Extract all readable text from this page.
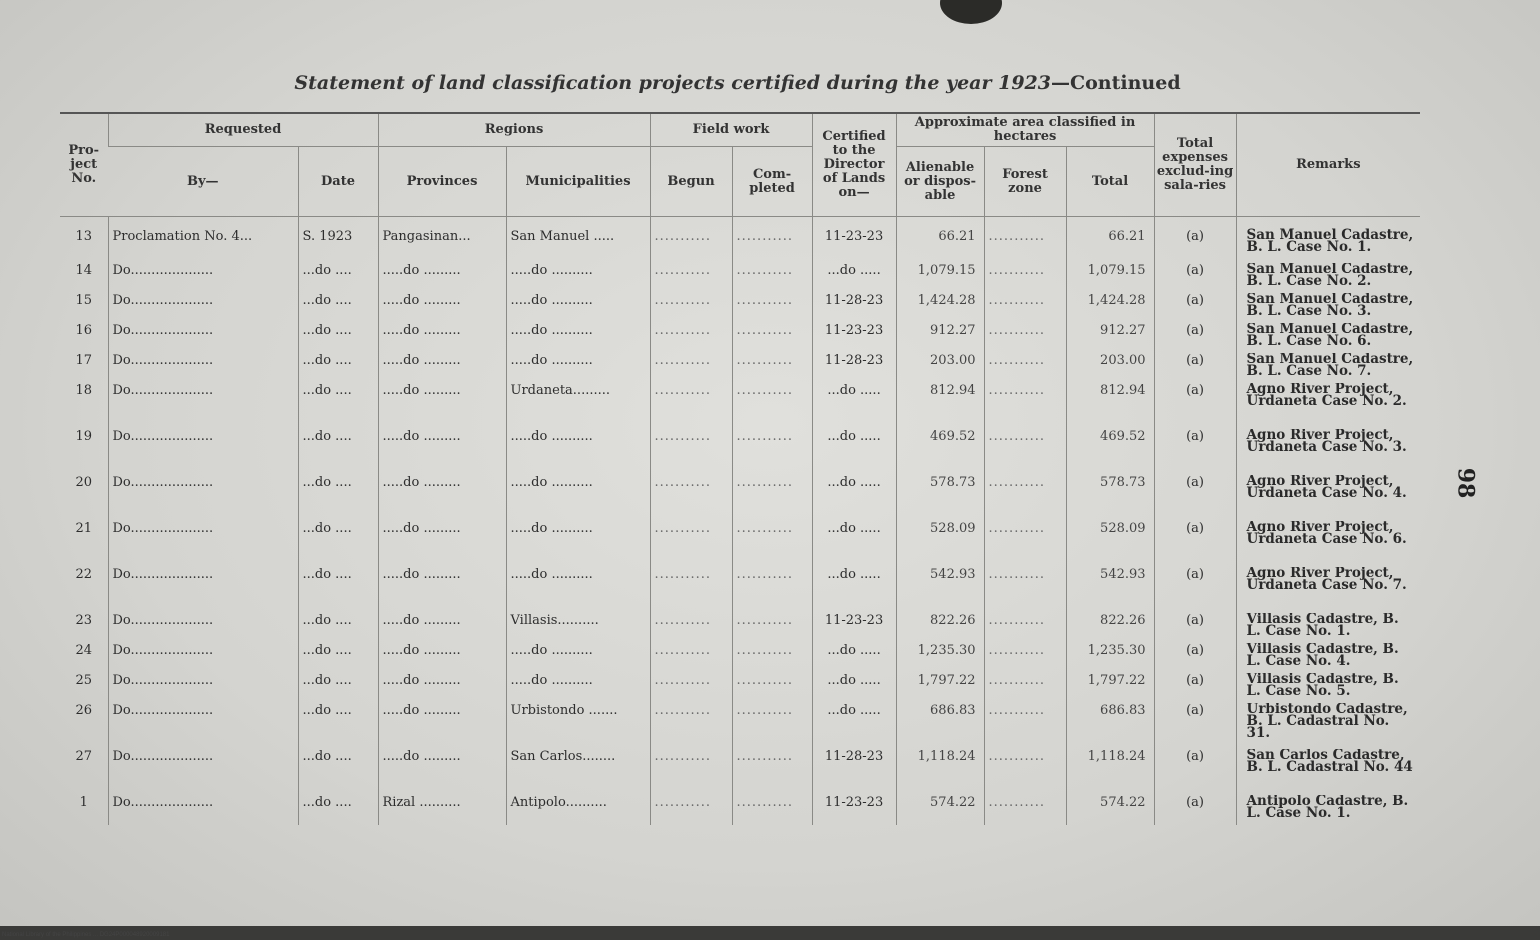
Statement of land classification projects certified during the year 1923—Continued
98
Pro-ject No.	Requested		Regions		Field work		Certified to the Director of Lands on—	Approximate area classified in hectares			Total expenses exclud-ing sala-ries	Remarks
	By—	Date	Provinces	Municipalities	Begun	Com-pleted		Alienable or dispos-able	Forest zone	Total		
13	Proclamation No. 4...	S. 1923	Pangasinan...	San Manuel .....	...........	...........	11-23-23	66.21	...........	66.21	(a)	San Manuel Cadastre, B. L. Case No. 1.
14	Do....................	...do ....	.....do .........	.....do ..........	...........	...........	...do .....	1,079.15	...........	1,079.15	(a)	San Manuel Cadastre, B. L. Case No. 2.
15	Do....................	...do ....	.....do .........	.....do ..........	...........	...........	11-28-23	1,424.28	...........	1,424.28	(a)	San Manuel Cadastre, B. L. Case No. 3.
16	Do....................	...do ....	.....do .........	.....do ..........	...........	...........	11-23-23	912.27	...........	912.27	(a)	San Manuel Cadastre, B. L. Case No. 6.
17	Do....................	...do ....	.....do .........	.....do ..........	...........	...........	11-28-23	203.00	...........	203.00	(a)	San Manuel Cadastre, B. L. Case No. 7.
18	Do....................	...do ....	.....do .........	Urdaneta.........	...........	...........	...do .....	812.94	...........	812.94	(a)	Agno River Project, Urdaneta Case No. 2.
19	Do....................	...do ....	.....do .........	.....do ..........	...........	...........	...do .....	469.52	...........	469.52	(a)	Agno River Project, Urdaneta Case No. 3.
20	Do....................	...do ....	.....do .........	.....do ..........	...........	...........	...do .....	578.73	...........	578.73	(a)	Agno River Project, Urdaneta Case No. 4.
21	Do....................	...do ....	.....do .........	.....do ..........	...........	...........	...do .....	528.09	...........	528.09	(a)	Agno River Project, Urdaneta Case No. 6.
22	Do....................	...do ....	.....do .........	.....do ..........	...........	...........	...do .....	542.93	...........	542.93	(a)	Agno River Project, Urdaneta Case No. 7.
23	Do....................	...do ....	.....do .........	Villasis..........	...........	...........	11-23-23	822.26	...........	822.26	(a)	Villasis Cadastre, B. L. Case No. 1.
24	Do....................	...do ....	.....do .........	.....do ..........	...........	...........	...do .....	1,235.30	...........	1,235.30	(a)	Villasis Cadastre, B. L. Case No. 4.
25	Do....................	...do ....	.....do .........	.....do ..........	...........	...........	...do .....	1,797.22	...........	1,797.22	(a)	Villasis Cadastre, B. L. Case No. 5.
26	Do....................	...do ....	.....do .........	Urbistondo .......	...........	...........	...do .....	686.83	...........	686.83	(a)	Urbistondo Cadastre, B. L. Cadastral No. 31.
27	Do....................	...do ....	.....do .........	San Carlos........	...........	...........	11-28-23	1,118.24	...........	1,118.24	(a)	San Carlos Cadastre, B. L. Cadastral No. 44
1	Do....................	...do ....	Rizal ..........	Antipolo..........	...........	...........	11-23-23	574.22	...........	574.22	(a)	Antipolo Cadastre, B. L. Case No. 1.
National Library of the Philippines ... DG24P000048920009181
